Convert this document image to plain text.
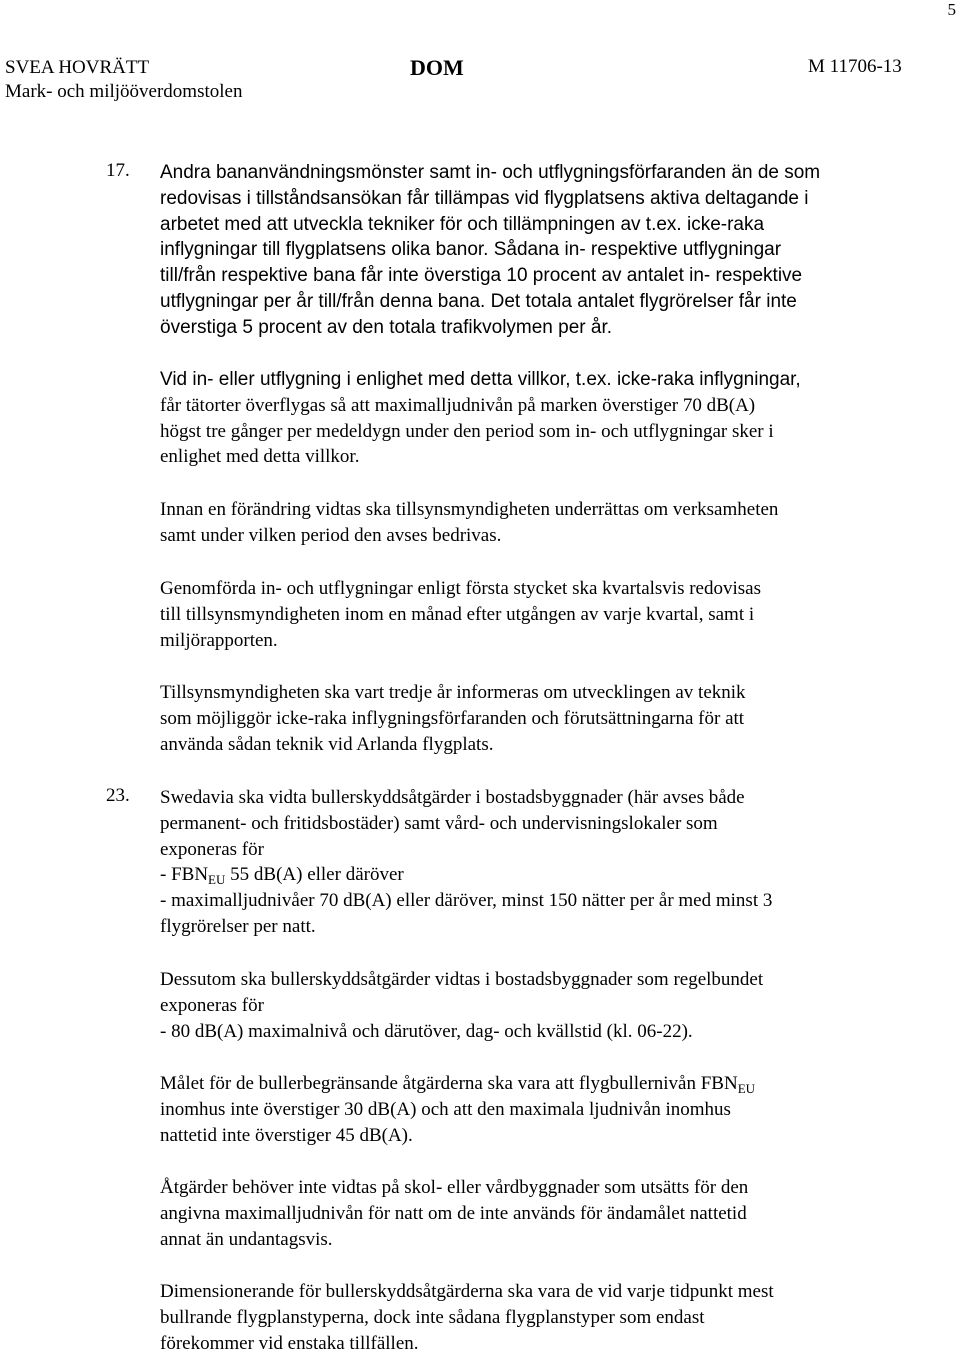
5
SVEA HOVRÄTT
Mark- och miljööverdomstolen
DOM	M 11706-13
17. Andra bananvändningsmönster samt in- och utflygningsförfaranden än de som
redovisas i tillståndsansökan får tillämpas vid flygplatsens aktiva deltagande i
arbetet med att utveckla tekniker för och tillämpningen av t.ex. icke-raka
inflygningar till flygplatsens olika banor. Sådana in- respektive utflygningar
till/från respektive bana får inte överstiga 10 procent av antalet in- respektive
utflygningar per år till/från denna bana. Det totala antalet flygrörelser får inte
överstiga 5 procent av den totala trafikvolymen per år.
Vid in- eller utflygning i enlighet med detta villkor, t.ex. icke-raka inflygningar,
får tätorter överflygas så att maximalljudnivån på marken överstiger 70 dB(A)
högst tre gånger per medeldygn under den period som in- och utflygningar sker i
enlighet med detta villkor.
Innan en förändring vidtas ska tillsynsmyndigheten underrättas om verksamheten
samt under vilken period den avses bedrivas.
Genomförda in- och utflygningar enligt första stycket ska kvartalsvis redovisas
till tillsynsmyndigheten inom en månad efter utgången av varje kvartal, samt i
miljörapporten.
Tillsynsmyndigheten ska vart tredje år informeras om utvecklingen av teknik
som möjliggör icke-raka inflygningsförfaranden och förutsättningarna för att
använda sådan teknik vid Arlanda flygplats.
23. Swedavia ska vidta bullerskyddsåtgärder i bostadsbyggnader (här avses både
permanent- och fritidsbostäder) samt vård- och undervisningslokaler som
exponeras för
- $FBN_{EU}$ 55 dB(A) eller däröver
- maximalljudnivåer 70 dB(A) eller däröver, minst 150 nätter per år med minst 3
flygrörelser per natt.
Dessutom ska bullerskyddsåtgärder vidtas i bostadsbyggnader som regelbundet
exponeras för
- 80 dB(A) maximalnivå och därutöver, dag- och kvällstid (kl. 06-22).
Målet för de bullerbegränsande åtgärderna ska vara att flygbullernivån $FBN_{EU}$
inomhus inte överstiger 30 dB(A) och att den maximala ljudnivån inomhus
nattetid inte överstiger 45 dB(A).
Åtgärder behöver inte vidtas på skol- eller vårdbyggnader som utsätts för den
angivna maximalljudnivån för natt om de inte används för ändamålet nattetid
annat än undantagsvis.
Dimensionerande för bullerskyddsåtgärderna ska vara de vid varje tidpunkt mest
bullrande flygplanstyperna, dock inte sådana flygplanstyper som endast
förekommer vid enstaka tillfällen.
